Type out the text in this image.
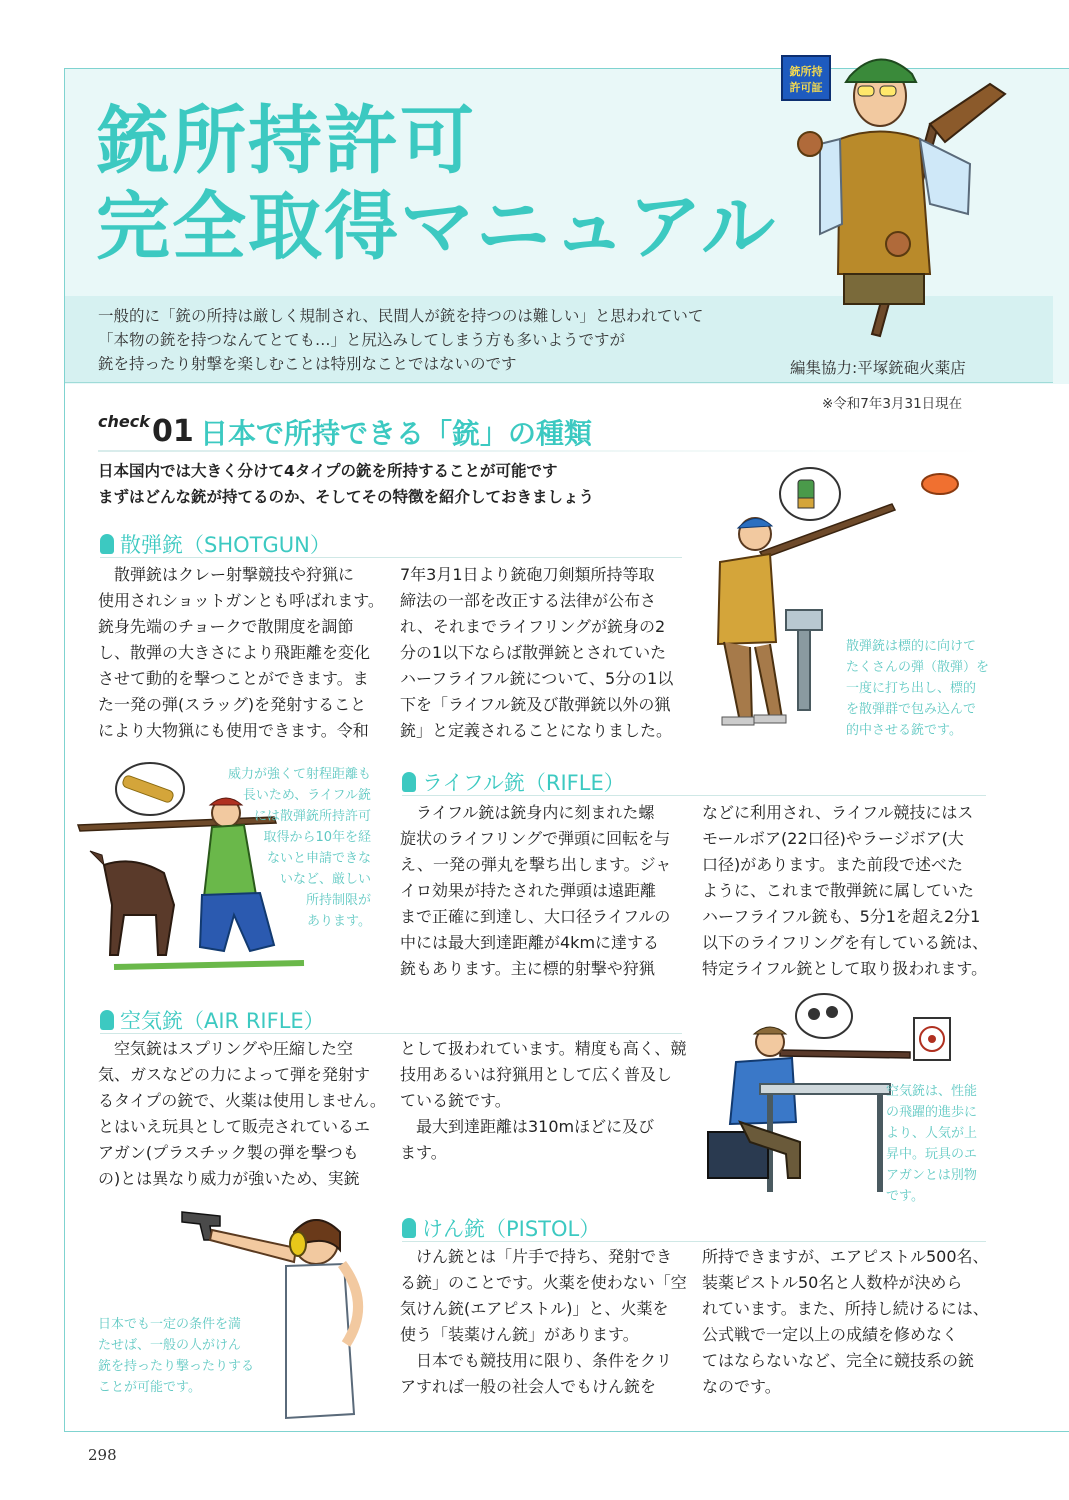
銃所持許可
完全取得マニュアル
銃所持
許可証
一般的に「銃の所持は厳しく規制され、民間人が銃を持つのは難しい」と思われていて
「本物の銃を持つなんてとても…」と尻込みしてしまう方も多いようですが
銃を持ったり射撃を楽しむことは特別なことではないのです	編集協力:平塚銃砲火薬店
※令和7年3月31日現在
check 01 日本で所持できる「銃」の種類
日本国内では大きく分けて4タイプの銃を所持することが可能です
まずはどんな銃が持てるのか、そしてその特徴を紹介しておきましょう
散弾銃（SHOTGUN）
　散弾銃はクレー射撃競技や狩猟に
使用されショットガンとも呼ばれます。
銃身先端のチョークで散開度を調節
し、散弾の大きさにより飛距離を変化
させて動的を撃つことができます。ま
た一発の弾(スラッグ)を発射すること
により大物猟にも使用できます。令和
7年3月1日より銃砲刀剣類所持等取
締法の一部を改正する法律が公布さ
れ、それまでライフリングが銃身の2
分の1以下ならば散弾銃とされていた
ハーフライフル銃について、5分の1以
下を「ライフル銃及び散弾銃以外の猟
銃」と定義されることになりました。
散弾銃は標的に向けて
たくさんの弾（散弾）を
一度に打ち出し、標的
を散弾群で包み込んで
的中させる銃です。
威力が強くて射程距離も
長いため、ライフル銃
には散弾銃所持許可
取得から10年を経
ないと申請できな
いなど、厳しい
所持制限が
あります。
ライフル銃（RIFLE）
　ライフル銃は銃身内に刻まれた螺
旋状のライフリングで弾頭に回転を与
え、一発の弾丸を撃ち出します。ジャ
イロ効果が持たされた弾頭は遠距離
まで正確に到達し、大口径ライフルの
中には最大到達距離が4kmに達する
銃もあります。主に標的射撃や狩猟
などに利用され、ライフル競技にはス
モールボア(22口径)やラージボア(大
口径)があります。また前段で述べた
ように、これまで散弾銃に属していた
ハーフライフル銃も、5分1を超え2分1
以下のライフリングを有している銃は、
特定ライフル銃として取り扱われます。
空気銃（AIR RIFLE）
　空気銃はスプリングや圧縮した空
気、ガスなどの力によって弾を発射す
るタイプの銃で、火薬は使用しません。
とはいえ玩具として販売されているエ
アガン(プラスチック製の弾を撃つも
の)とは異なり威力が強いため、実銃
として扱われています。精度も高く、競
技用あるいは狩猟用として広く普及し
ている銃です。
　最大到達距離は310mほどに及び
ます。
空気銃は、性能
の飛躍的進歩に
より、人気が上
昇中。玩具のエ
アガンとは別物
です。
日本でも一定の条件を満
たせば、一般の人がけん
銃を持ったり撃ったりする
ことが可能です。
けん銃（PISTOL）
　けん銃とは「片手で持ち、発射でき
る銃」のことです。火薬を使わない「空
気けん銃(エアピストル)」と、火薬を
使う「装薬けん銃」があります。
　日本でも競技用に限り、条件をクリ
アすれば一般の社会人でもけん銃を
所持できますが、エアピストル500名、
装薬ピストル50名と人数枠が決めら
れています。また、所持し続けるには、
公式戦で一定以上の成績を修めなく
てはならないなど、完全に競技系の銃
なのです。
298
